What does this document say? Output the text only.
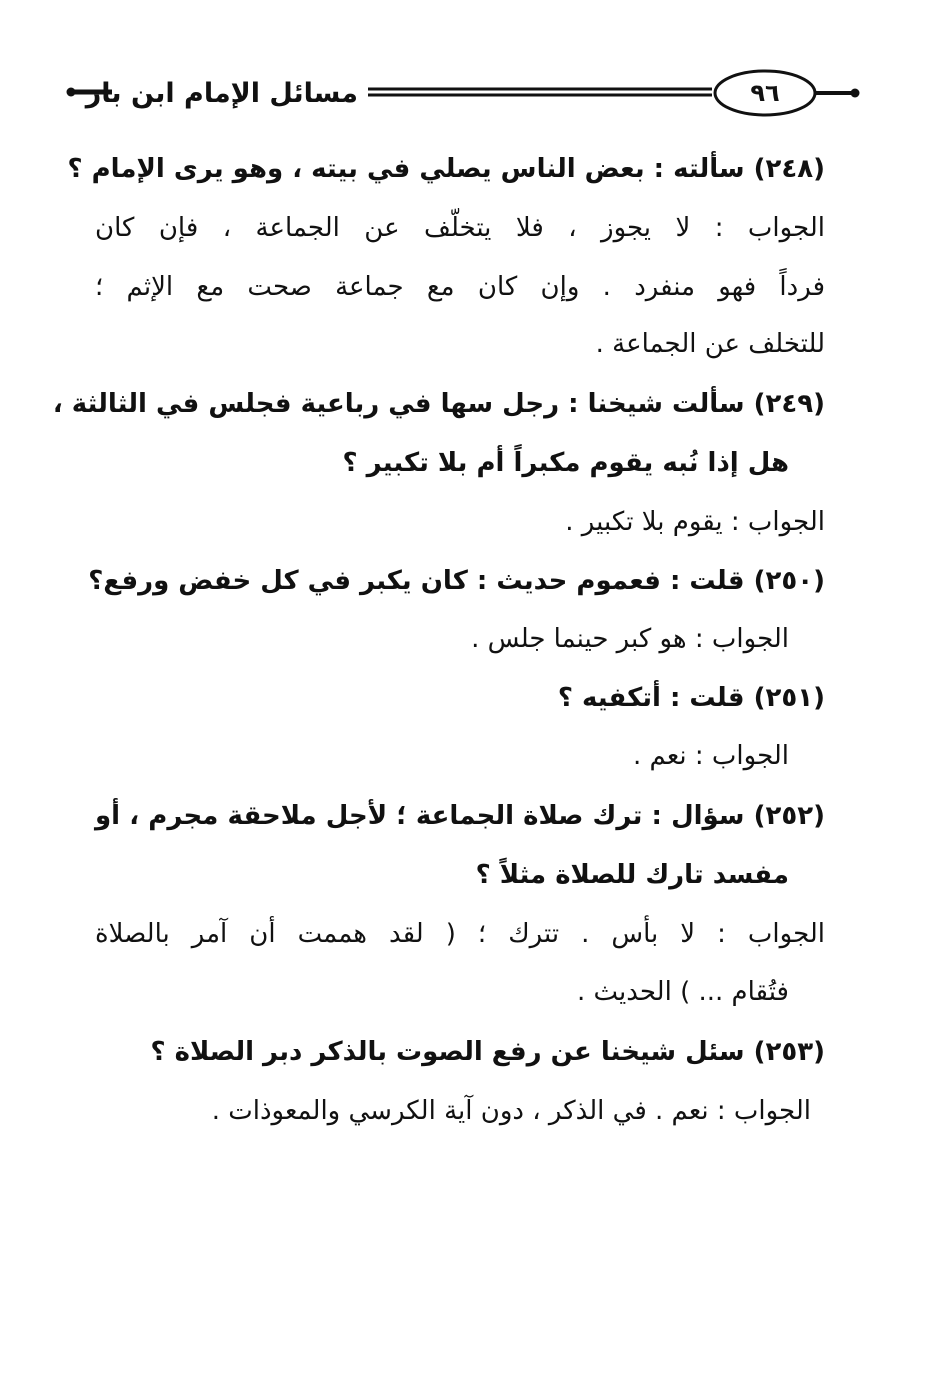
مسائل الإمام ابن باز	٩٦
(٢٤٨) سألته : بعض الناس يصلي في بيته ، وهو يرى الإمام ؟
الجواب : لا يجوز ، فلا يتخلّف عن الجماعة ، فإن كان
فرداً فهو منفرد . وإن كان مع جماعة صحت مع الإثم ؛
للتخلف عن الجماعة .
(٢٤٩) سألت شيخنا : رجل سها في رباعية فجلس في الثالثة ،
هل إذا نُبه يقوم مكبراً أم بلا تكبير ؟
الجواب : يقوم بلا تكبير .
(٢٥٠) قلت : فعموم حديث : كان يكبر في كل خفض ورفع؟
الجواب : هو كبر حينما جلس .
(٢٥١) قلت : أتكفيه ؟
الجواب : نعم .
(٢٥٢) سؤال : ترك صلاة الجماعة ؛ لأجل ملاحقة مجرم ، أو
مفسد تارك للصلاة مثلاً ؟
الجواب : لا بأس . تترك ؛ ( لقد هممت أن آمر بالصلاة
فتُقام ... ) الحديث .
(٢٥٣) سئل شيخنا عن رفع الصوت بالذكر دبر الصلاة ؟
الجواب : نعم . في الذكر ، دون آية الكرسي والمعوذات .
